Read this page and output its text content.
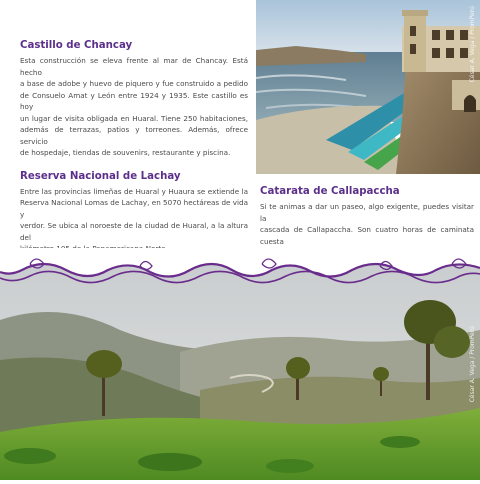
Castillo de Chancay
Esta construcción se eleva frente al mar de Chancay. Está hecho
a base de adobe y huevo de piquero y fue construido a pedido
de Consuelo Amat y León entre 1924 y 1935. Este castillo es hoy
un lugar de visita obligada en Huaral. Tiene 250 habitaciones,
además de terrazas, patios y torreones. Además, ofrece servicio
de hospedaje, tiendas de souvenirs, restaurante y piscina.
Reserva Nacional de Lachay
Entre las provincias limeñas de Huaral y Huaura se extiende la
Reserva Nacional Lomas de Lachay, en 5070 hectáreas de vida y
verdor. Se ubica al noroeste de la ciudad de Huaral, a la altura del
César A. Vega / PromPerú
Catarata de Callapaccha
Si te animas a dar un paseo, algo exigente, puedes visitar la
cascada de Callapaccha. Son cuatro horas de caminata cuesta
César A. Vega / PromPerú
